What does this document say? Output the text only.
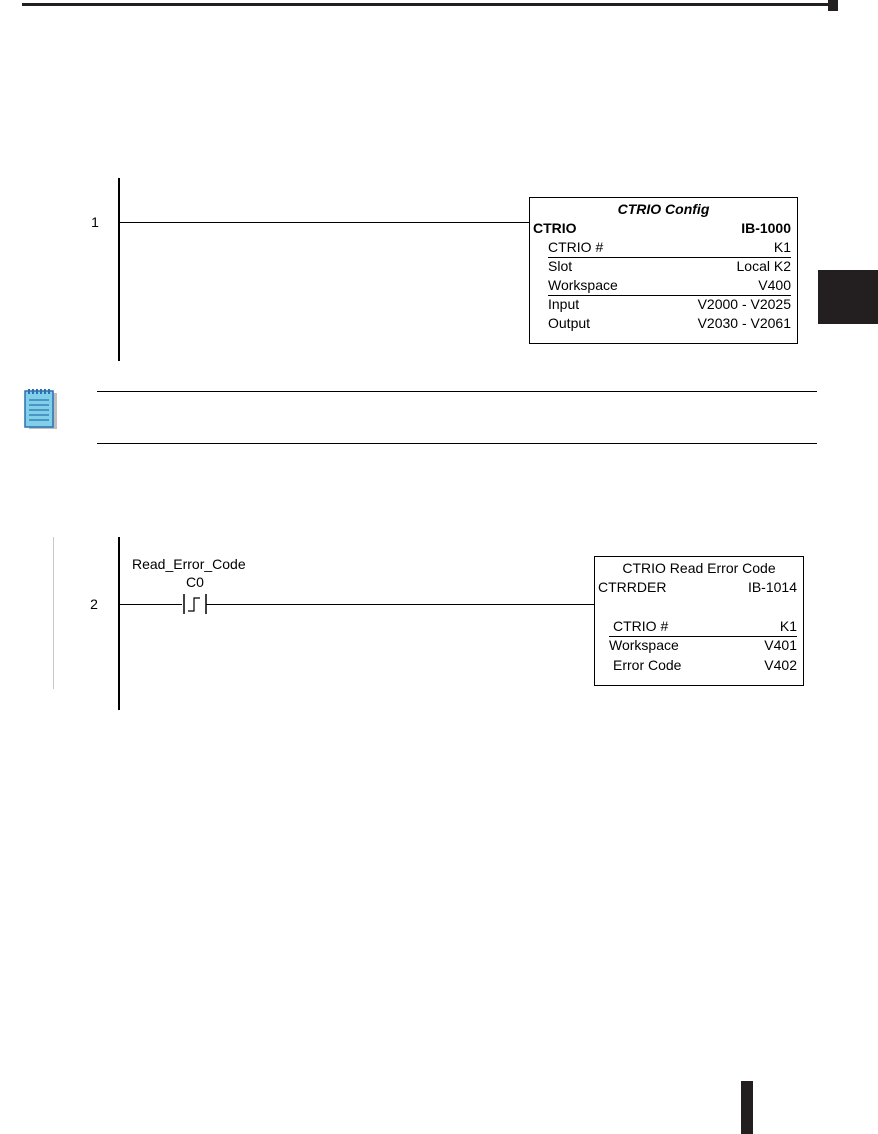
1
CTRIO Config
CTRIO	IB-1000
CTRIO #	K1
Slot	Local K2
Workspace	V400
Input	V2000 - V2025
Output	V2030 - V2061
2
Read_Error_Code
C0
CTRIO Read Error Code
CTRRDER	IB-1014
CTRIO #	K1
Workspace	V401
Error Code	V402
